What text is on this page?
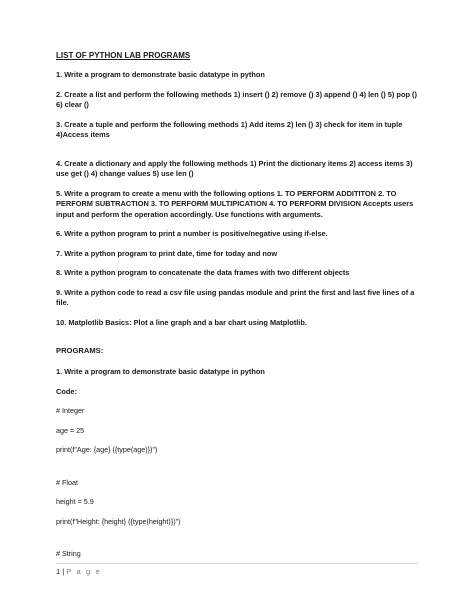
LIST OF PYTHON LAB PROGRAMS
1. Write a program to demonstrate basic datatype in python
2. Create a list and perform the following methods 1) insert () 2) remove () 3) append () 4) len () 5) pop () 6) clear ()
3. Create a tuple and perform the following methods 1) Add items 2) len () 3) check for item in tuple 4)Access items
4. Create a dictionary and apply the following methods 1) Print the dictionary items 2) access items 3) use get () 4) change values 5) use len ()
5. Write a program to create a menu with the following options 1. TO PERFORM ADDITITON 2. TO PERFORM SUBTRACTION 3. TO PERFORM MULTIPICATION 4. TO PERFORM DIVISION Accepts users input and perform the operation accordingly. Use functions with arguments.
6. Write a python program to print a number is positive/negative using if-else.
7. Write a python program to print date, time for today and now
8. Write a python program to concatenate the data frames with two different objects
9. Write a python code to read a csv file using pandas module and print the first and last five lines of a file.
10. Matplotlib Basics: Plot a line graph and a bar chart using Matplotlib.
PROGRAMS:
1. Write a program to demonstrate basic datatype in python
Code:
# Integer
age = 25
print(f"Age: {age} ({type(age)})")
# Float
height = 5.9
print(f"Height: {height} ({type(height)})")
# String
1 | P a g e
